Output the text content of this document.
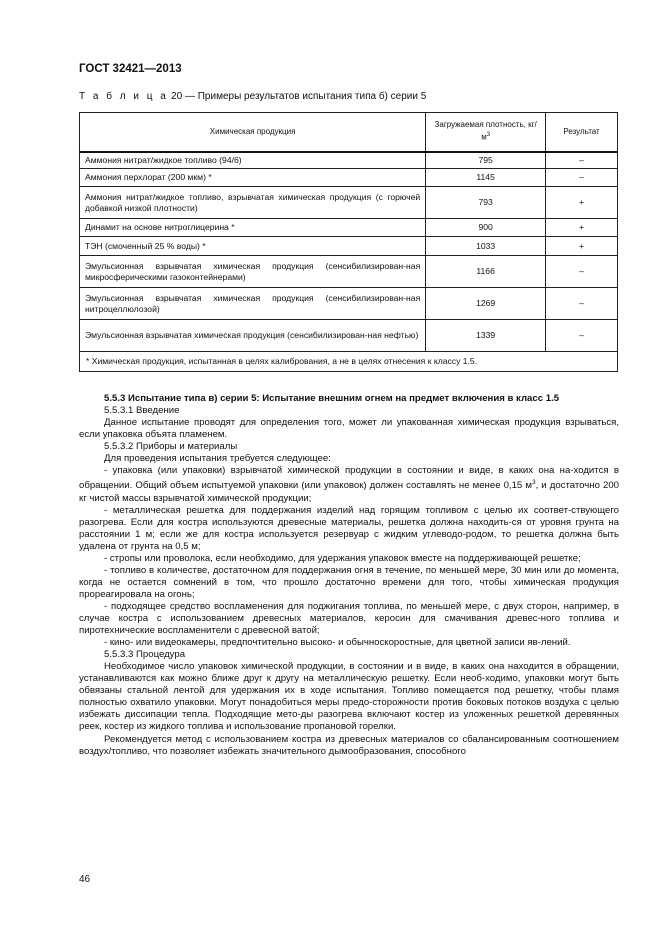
ГОСТ 32421—2013
Т а б л и ц а 20 — Примеры результатов испытания типа б) серии 5
Химическая продукция	Загружаемая плотность, $кг/м^3$	Результат
Аммония нитрат/жидкое топливо (94/6)	795	–
Аммония перхлорат (200 мкм) *	1145	–
Аммония нитрат/жидкое топливо, взрывчатая химическая продукция (с горючей добавкой низкой плотности)	793	+
Динамит на основе нитроглицерина *	900	+
ТЭН (смоченный 25 % воды) *	1033	+
Эмульсионная взрывчатая химическая продукция (сенсибилизирован-ная микросферическими газоконтейнерами)	1166	–
Эмульсионная взрывчатая химическая продукция (сенсибилизирован-ная нитроцеллюлозой)	1269	–
Эмульсионная взрывчатая химическая продукция (сенсибилизирован-ная нефтью)	1339	–
* Химическая продукция, испытанная в целях калибрования, а не в целях отнесения к классу 1.5.		

5.5.3 Испытание типа в) серии 5: Испытание внешним огнем на предмет включения в класс 1.5

5.5.3.1 Введение

Данное испытание проводят для определения того, может ли упакованная химическая продукция взрываться, если упаковка объята пламенем.

5.5.3.2 Приборы и материалы

Для проведения испытания требуется следующее:

- упаковка (или упаковки) взрывчатой химической продукции в состоянии и виде, в каких она на-ходится в обращении. Общий объем испытуемой упаковки (или упаковок) должен составлять не менее 0,15 $м^3$, и достаточно 200 кг чистой массы взрывчатой химической продукции;

- металлическая решетка для поддержания изделий над горящим топливом с целью их соответ-ствующего разогрева. Если для костра используются древесные материалы, решетка должна находить-ся от уровня грунта на расстоянии 1 м; если же для костра используется резервуар с жидким углеводо-родом, то решетка должна быть удалена от грунта на 0,5 м;

- стропы или проволока, если необходимо, для удержания упаковок вместе на поддерживающей решетке;

- топливо в количестве, достаточном для поддержания огня в течение, по меньшей мере, 30 мин или до момента, когда не остается сомнений в том, что прошло достаточно времени для того, чтобы химическая продукция прореагировала на огонь;

- подходящее средство воспламенения для поджигания топлива, по меньшей мере, с двух сторон, например, в случае костра с использованием древесных материалов, керосин для смачивания древес-ного топлива и пиротехнические воспламенители с древесной ватой;

- кино- или видеокамеры, предпочтительно высоко- и обычноскоростные, для цветной записи яв-лений.

5.5.3.3 Процедура

Необходимое число упаковок химической продукции, в состоянии и в виде, в каких она находится в обращении, устанавливаются как можно ближе друг к другу на металлическую решетку. Если необ-ходимо, упаковки могут быть обвязаны стальной лентой для удержания их в ходе испытания. Топливо помещается под решетку, чтобы пламя полностью охватило упаковки. Могут понадобиться меры предо-сторожности против боковых потоков воздуха с целью избежать диссипации тепла. Подходящие мето-ды разогрева включают костер из уложенных решеткой деревянных реек, костер из жидкого топлива и использование пропановой горелки.

Рекомендуется метод с использованием костра из древесных материалов со сбалансированным соотношением воздух/топливо, что позволяет избежать значительного дымообразования, способного

46
